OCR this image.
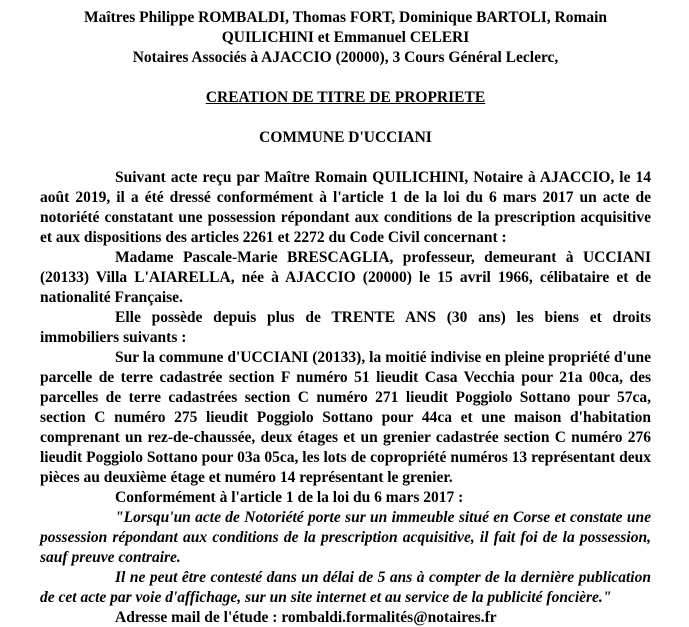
Maîtres Philippe ROMBALDI, Thomas FORT, Dominique BARTOLI, Romain
QUILICHINI et Emmanuel CELERI
Notaires Associés à AJACCIO (20000), 3 Cours Général Leclerc,
CREATION DE TITRE DE PROPRIETE
COMMUNE D'UCCIANI

Suivant acte reçu par Maître Romain QUILICHINI, Notaire à AJACCIO, le 14 août 2019, il a été dressé conformément à l'article 1 de la loi du 6 mars 2017 un acte de notoriété constatant une possession répondant aux conditions de la prescription acquisitive et aux dispositions des articles 2261 et 2272 du Code Civil concernant :

Madame Pascale-Marie BRESCAGLIA, professeur, demeurant à UCCIANI (20133) Villa L'AIARELLA, née à AJACCIO (20000) le 15 avril 1966, célibataire et de nationalité Française.

Elle possède depuis plus de TRENTE ANS (30 ans) les biens et droits immobiliers suivants :

Sur la commune d'UCCIANI (20133), la moitié indivise en pleine propriété d'une parcelle de terre cadastrée section F numéro 51 lieudit Casa Vecchia pour 21a 00ca, des parcelles de terre cadastrées section C numéro 271 lieudit Poggiolo Sottano pour 57ca, section C numéro 275 lieudit Poggiolo Sottano pour 44ca et une maison d'habitation comprenant un rez-de-chaussée, deux étages et un grenier cadastrée section C numéro 276 lieudit Poggiolo Sottano pour 03a 05ca, les lots de copropriété numéros 13 représentant deux pièces au deuxième étage et numéro 14 représentant le grenier.

Conformément à l'article 1 de la loi du 6 mars 2017 :

"Lorsqu'un acte de Notoriété porte sur un immeuble situé en Corse et constate une possession répondant aux conditions de la prescription acquisitive, il fait foi de la possession, sauf preuve contraire.

Il ne peut être contesté dans un délai de 5 ans à compter de la dernière publication de cet acte par voie d'affichage, sur un site internet et au service de la publicité foncière."

Adresse mail de l'étude : rombaldi.formalités@notaires.fr
